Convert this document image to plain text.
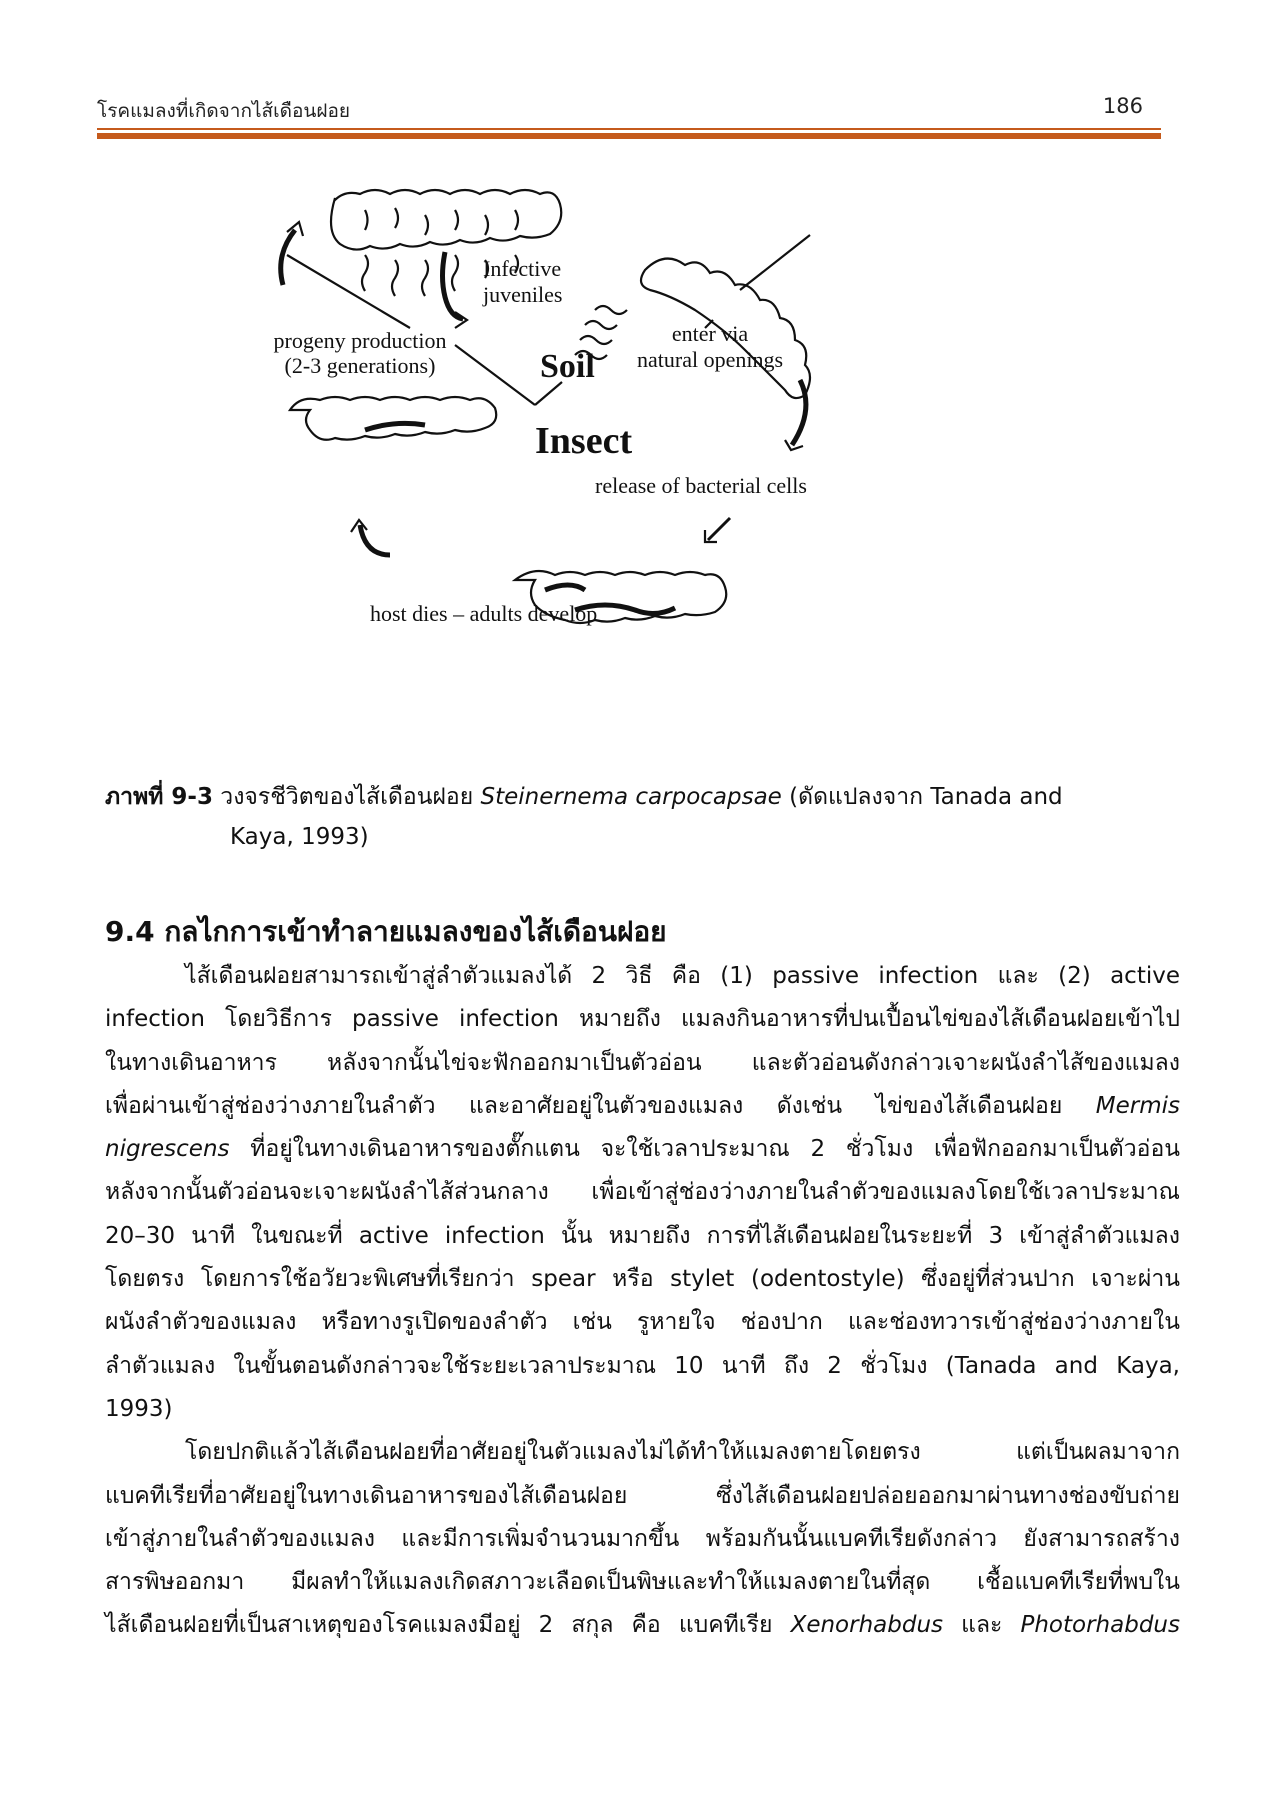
โรคแมลงที่เกิดจากไส้เดือนฝอย	186
Infective
juveniles
progeny production
(2-3 generations)
enter via
natural openings
Soil
Insect
release of bacterial cells
host dies – adults develop
ภาพที่ 9-3 วงจรชีวิตของไส้เดือนฝอย Steinernema carpocapsae (ดัดแปลงจาก Tanada and
Kaya, 1993)
9.4 กลไกการเข้าทำลายแมลงของไส้เดือนฝอย
ไส้เดือนฝอยสามารถเข้าสู่ลำตัวแมลงได้ 2 วิธี คือ (1) passive infection และ (2) active
infection โดยวิธีการ passive infection หมายถึง แมลงกินอาหารที่ปนเปื้อนไข่ของไส้เดือนฝอยเข้าไป
ในทางเดินอาหาร หลังจากนั้นไข่จะฟักออกมาเป็นตัวอ่อน และตัวอ่อนดังกล่าวเจาะผนังลำไส้ของแมลง
เพื่อผ่านเข้าสู่ช่องว่างภายในลำตัว และอาศัยอยู่ในตัวของแมลง ดังเช่น ไข่ของไส้เดือนฝอย Mermis
nigrescens ที่อยู่ในทางเดินอาหารของตั๊กแตน จะใช้เวลาประมาณ 2 ชั่วโมง เพื่อฟักออกมาเป็นตัวอ่อน
หลังจากนั้นตัวอ่อนจะเจาะผนังลำไส้ส่วนกลาง เพื่อเข้าสู่ช่องว่างภายในลำตัวของแมลงโดยใช้เวลาประมาณ
20–30 นาที ในขณะที่ active infection นั้น หมายถึง การที่ไส้เดือนฝอยในระยะที่ 3 เข้าสู่ลำตัวแมลง
โดยตรง โดยการใช้อวัยวะพิเศษที่เรียกว่า spear หรือ stylet (odentostyle) ซึ่งอยู่ที่ส่วนปาก เจาะผ่าน
ผนังลำตัวของแมลง หรือทางรูเปิดของลำตัว เช่น รูหายใจ ช่องปาก และช่องทวารเข้าสู่ช่องว่างภายใน
ลำตัวแมลง ในขั้นตอนดังกล่าวจะใช้ระยะเวลาประมาณ 10 นาที ถึง 2 ชั่วโมง (Tanada and Kaya,
1993)
โดยปกติแล้วไส้เดือนฝอยที่อาศัยอยู่ในตัวแมลงไม่ได้ทำให้แมลงตายโดยตรง แต่เป็นผลมาจาก
แบคทีเรียที่อาศัยอยู่ในทางเดินอาหารของไส้เดือนฝอย ซึ่งไส้เดือนฝอยปล่อยออกมาผ่านทางช่องขับถ่าย
เข้าสู่ภายในลำตัวของแมลง และมีการเพิ่มจำนวนมากขึ้น พร้อมกันนั้นแบคทีเรียดังกล่าว ยังสามารถสร้าง
สารพิษออกมา มีผลทำให้แมลงเกิดสภาวะเลือดเป็นพิษและทำให้แมลงตายในที่สุด เชื้อแบคทีเรียที่พบใน
ไส้เดือนฝอยที่เป็นสาเหตุของโรคแมลงมีอยู่ 2 สกุล คือ แบคทีเรีย Xenorhabdus และ Photorhabdus
